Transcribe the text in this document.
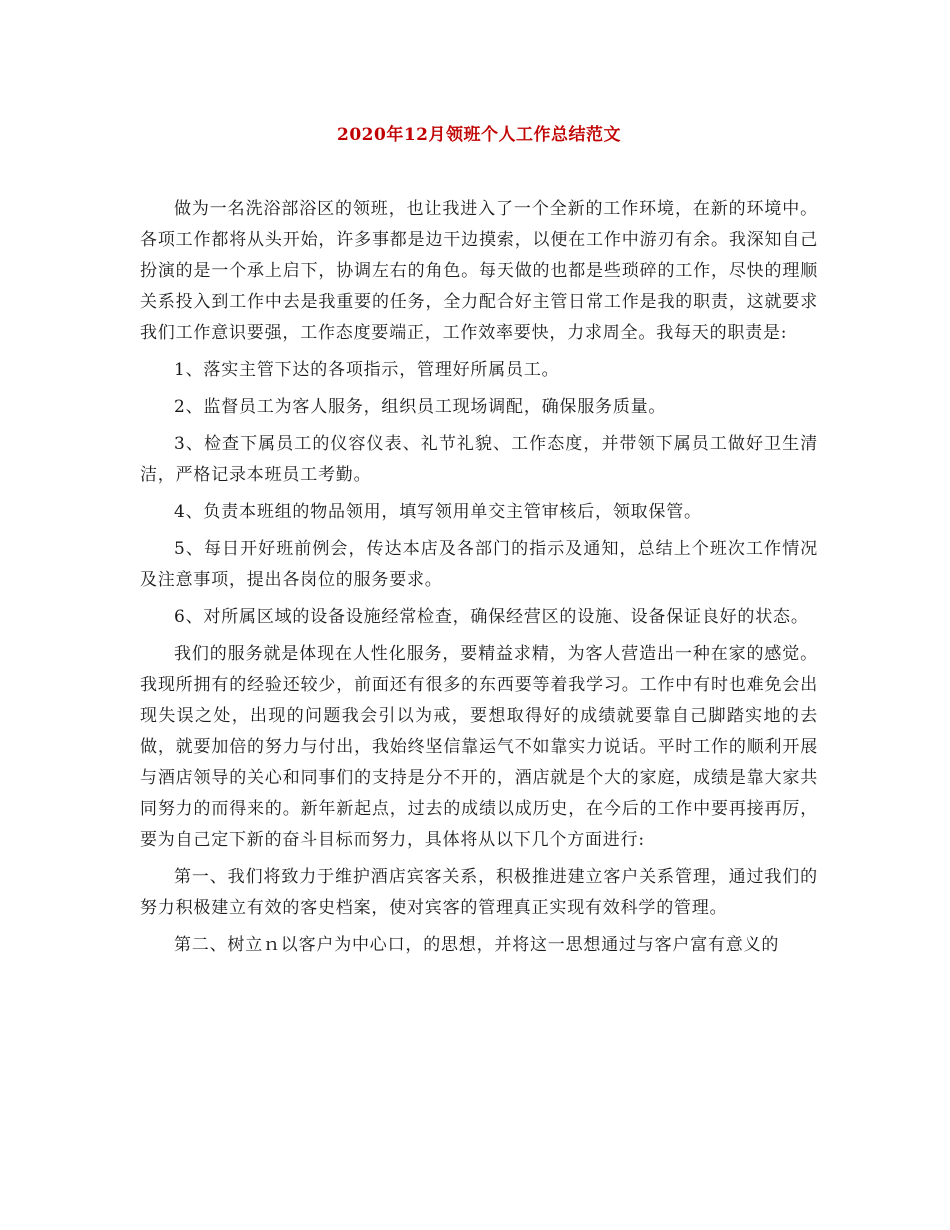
2020年12月领班个人工作总结范文

做为一名洗浴部浴区的领班，也让我进入了一个全新的工作环境，在新的环境中。各项工作都将从头开始，许多事都是边干边摸索，以便在工作中游刃有余。我深知自己扮演的是一个承上启下，协调左右的角色。每天做的也都是些琐碎的工作，尽快的理顺关系投入到工作中去是我重要的任务，全力配合好主管日常工作是我的职责，这就要求我们工作意识要强，工作态度要端正，工作效率要快，力求周全。我每天的职责是:

1、落实主管下达的各项指示，管理好所属员工。

2、监督员工为客人服务，组织员工现场调配，确保服务质量。

3、检查下属员工的仪容仪表、礼节礼貌、工作态度，并带领下属员工做好卫生清洁，严格记录本班员工考勤。

4、负责本班组的物品领用，填写领用单交主管审核后，领取保管。

5、每日开好班前例会，传达本店及各部门的指示及通知，总结上个班次工作情况及注意事项，提出各岗位的服务要求。

6、对所属区域的设备设施经常检查，确保经营区的设施、设备保证良好的状态。

我们的服务就是体现在人性化服务，要精益求精，为客人营造出一种在家的感觉。我现所拥有的经验还较少，前面还有很多的东西要等着我学习。工作中有时也难免会出现失误之处，出现的问题我会引以为戒，要想取得好的成绩就要靠自己脚踏实地的去做，就要加倍的努力与付出，我始终坚信靠运气不如靠实力说话。平时工作的顺利开展与酒店领导的关心和同事们的支持是分不开的，酒店就是个大的家庭，成绩是靠大家共同努力的而得来的。新年新起点，过去的成绩以成历史，在今后的工作中要再接再厉，要为自己定下新的奋斗目标而努力，具体将从以下几个方面进行:

第一、我们将致力于维护酒店宾客关系，积极推进建立客户关系管理，通过我们的努力积极建立有效的客史档案，使对宾客的管理真正实现有效科学的管理。

第二、树立ｎ以客户为中心口，的思想，并将这一思想通过与客户富有意义的
